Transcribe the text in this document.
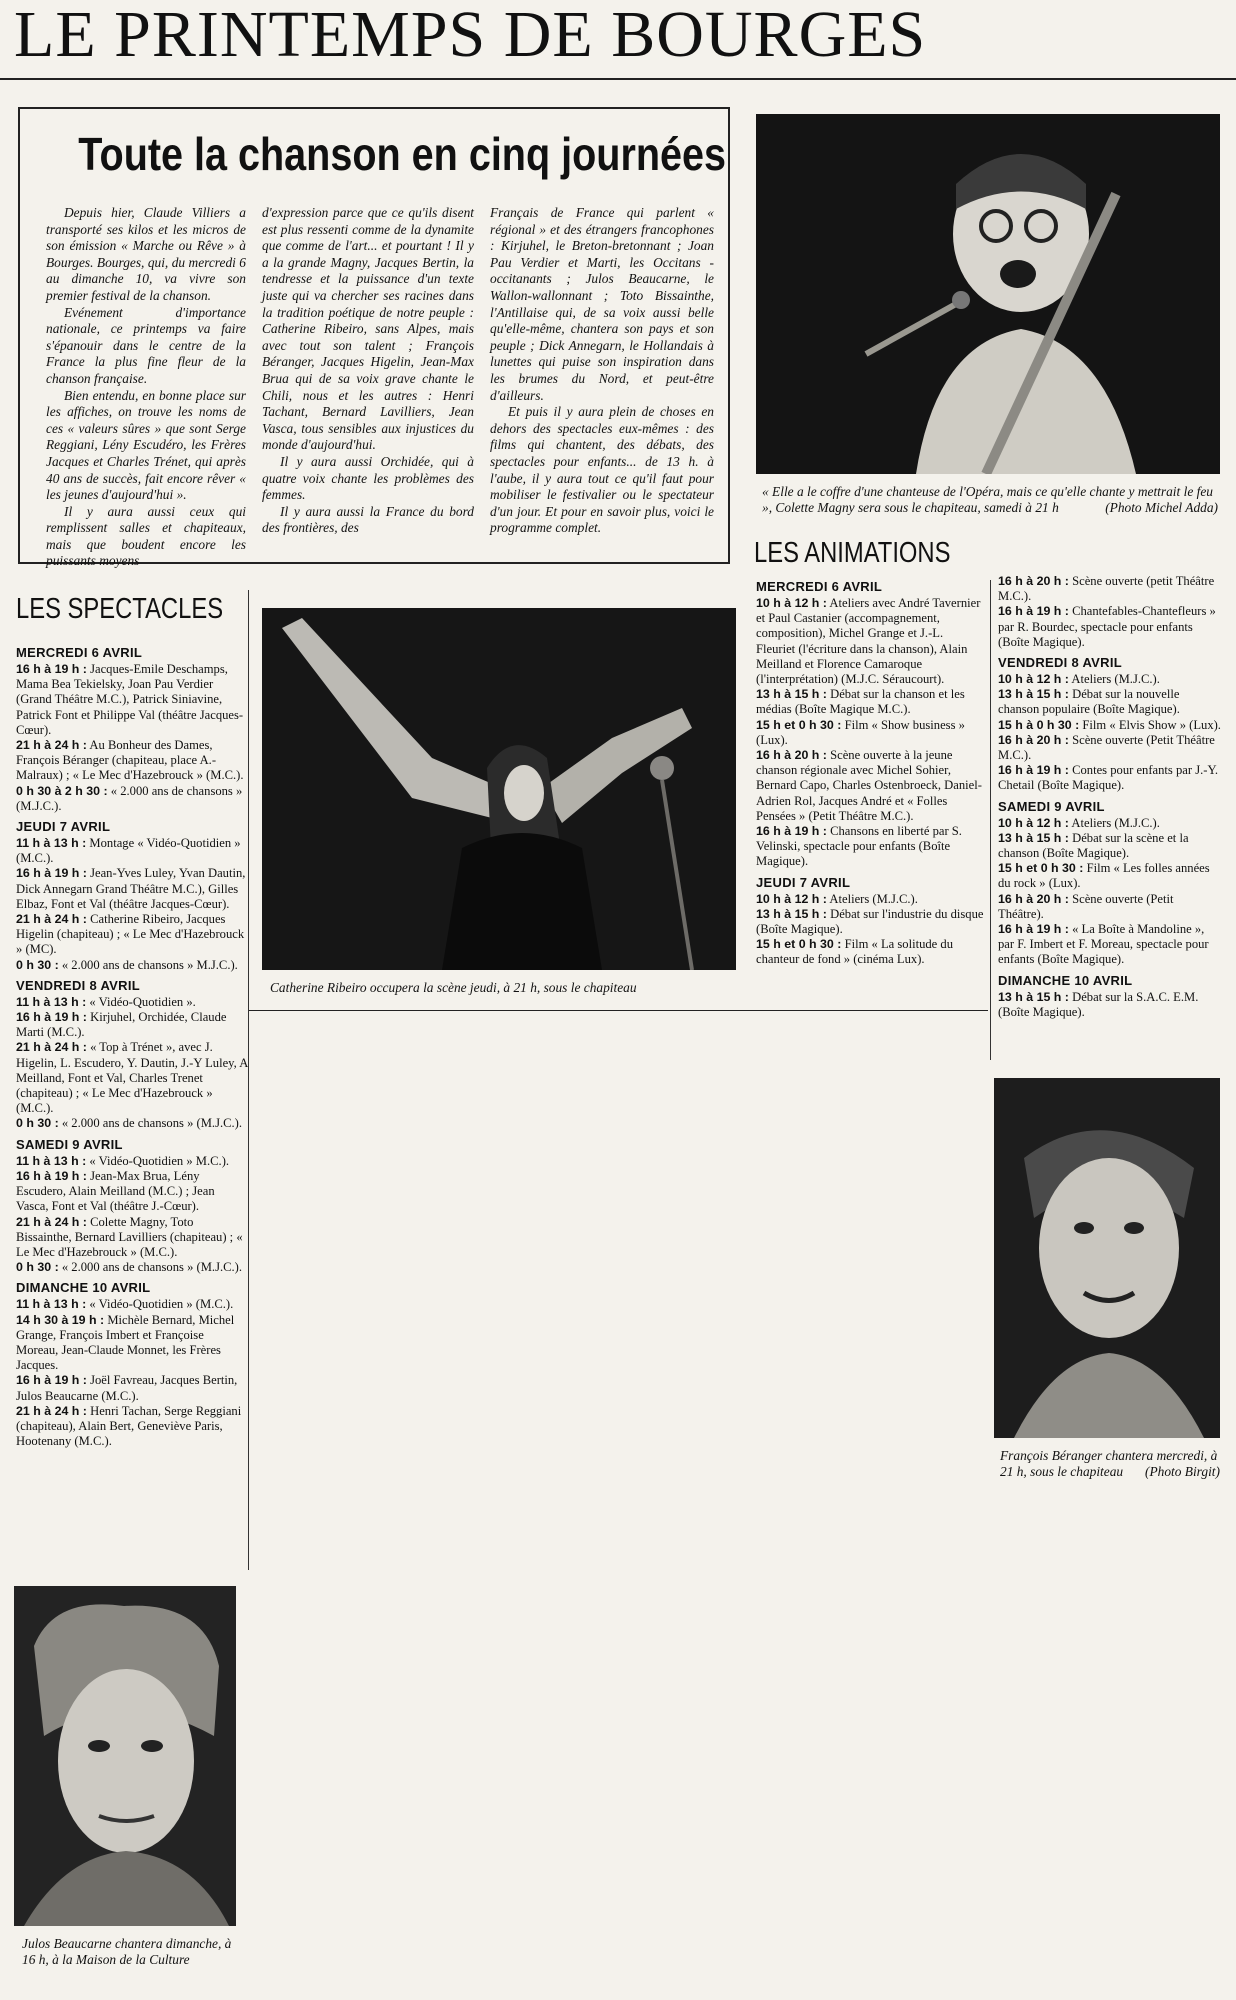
LE PRINTEMPS DE BOURGES
Toute la chanson en cinq journées

Depuis hier, Claude Villiers a transporté ses kilos et les micros de son émission « Marche ou Rêve » à Bourges. Bourges, qui, du mercredi 6 au dimanche 10, va vivre son premier festival de la chanson.

Evénement d'importance nationale, ce printemps va faire s'épanouir dans le centre de la France la plus fine fleur de la chanson française.

Bien entendu, en bonne place sur les affiches, on trouve les noms de ces « valeurs sûres » que sont Serge Reggiani, Lény Escudéro, les Frères Jacques et Charles Trénet, qui après 40 ans de succès, fait encore rêver « les jeunes d'aujourd'hui ».

Il y aura aussi ceux qui remplissent salles et chapiteaux, mais que boudent encore les puissants moyens

d'expression parce que ce qu'ils disent est plus ressenti comme de la dynamite que comme de l'art... et pourtant ! Il y a la grande Magny, Jacques Bertin, la tendresse et la puissance d'un texte juste qui va chercher ses racines dans la tradition poétique de notre peuple : Catherine Ribeiro, sans Alpes, mais avec tout son talent ; François Béranger, Jacques Higelin, Jean-Max Brua qui de sa voix grave chante le Chili, nous et les autres : Henri Tachant, Bernard Lavilliers, Jean Vasca, tous sensibles aux injustices du monde d'aujourd'hui.

Il y aura aussi Orchidée, qui à quatre voix chante les problèmes des femmes.

Il y aura aussi la France du bord des frontières, des

Français de France qui parlent « régional » et des étrangers francophones : Kirjuhel, le Breton-bretonnant ; Joan Pau Verdier et Marti, les Occitans - occitanants ; Julos Beaucarne, le Wallon-wallonnant ; Toto Bissainthe, l'Antillaise qui, de sa voix aussi belle qu'elle-même, chantera son pays et son peuple ; Dick Annegarn, le Hollandais à lunettes qui puise son inspiration dans les brumes du Nord, et peut-être d'ailleurs.

Et puis il y aura plein de choses en dehors des spectacles eux-mêmes : des films qui chantent, des débats, des spectacles pour enfants... de 13 h. à l'aube, il y aura tout ce qu'il faut pour mobiliser le festivalier ou le spectateur d'un jour. Et pour en savoir plus, voici le programme complet.

« Elle a le coffre d'une chanteuse de l'Opéra, mais ce qu'elle chante y mettrait le feu », Colette Magny sera sous le chapiteau, samedi à 21 h	(Photo Michel Adda)
LES ANIMATIONS
LES SPECTACLES
Catherine Ribeiro occupera la scène jeudi, à 21 h, sous le chapiteau
MERCREDI 6 AVRIL

16 h à 19 h : Jacques-Emile Deschamps, Mama Bea Tekielsky, Joan Pau Verdier (Grand Théâtre M.C.), Patrick Siniavine, Patrick Font et Philippe Val (théâtre Jacques-Cœur).

21 h à 24 h : Au Bonheur des Dames, François Béranger (chapiteau, place A.-Malraux) ; « Le Mec d'Hazebrouck » (M.C.).

0 h 30 à 2 h 30 : « 2.000 ans de chansons » (M.J.C.).

JEUDI 7 AVRIL

11 h à 13 h : Montage « Vidéo-Quotidien » (M.C.).

16 h à 19 h : Jean-Yves Luley, Yvan Dautin, Dick Annegarn Grand Théâtre M.C.), Gilles Elbaz, Font et Val (théâtre Jacques-Cœur).

21 h à 24 h : Catherine Ribeiro, Jacques Higelin (chapiteau) ; « Le Mec d'Hazebrouck » (MC).

0 h 30 : « 2.000 ans de chansons » M.J.C.).

VENDREDI 8 AVRIL

11 h à 13 h : « Vidéo-Quotidien ».

16 h à 19 h : Kirjuhel, Orchidée, Claude Marti (M.C.).

21 h à 24 h : « Top à Trénet », avec J. Higelin, L. Escudero, Y. Dautin, J.-Y Luley, A Meilland, Font et Val, Charles Trenet (chapiteau) ; « Le Mec d'Hazebrouck » (M.C.).

0 h 30 : « 2.000 ans de chansons » (M.J.C.).

SAMEDI 9 AVRIL

11 h à 13 h : « Vidéo-Quotidien » M.C.).

16 h à 19 h : Jean-Max Brua, Lény Escudero, Alain Meilland (M.C.) ; Jean Vasca, Font et Val (théâtre J.-Cœur).

21 h à 24 h : Colette Magny, Toto Bissainthe, Bernard Lavilliers (chapiteau) ; « Le Mec d'Hazebrouck » (M.C.).

0 h 30 : « 2.000 ans de chansons » (M.J.C.).

DIMANCHE 10 AVRIL

11 h à 13 h : « Vidéo-Quotidien » (M.C.).

14 h 30 à 19 h : Michèle Bernard, Michel Grange, François Imbert et Françoise Moreau, Jean-Claude Monnet, les Frères Jacques.

16 h à 19 h : Joël Favreau, Jacques Bertin, Julos Beaucarne (M.C.).

21 h à 24 h : Henri Tachan, Serge Reggiani (chapiteau), Alain Bert, Geneviève Paris, Hootenany (M.C.).

MERCREDI 6 AVRIL

10 h à 12 h : Ateliers avec André Tavernier et Paul Castanier (accompagnement, composition), Michel Grange et J.-L. Fleuriet (l'écriture dans la chanson), Alain Meilland et Florence Camaroque (l'interprétation) (M.J.C. Séraucourt).

13 h à 15 h : Débat sur la chanson et les médias (Boîte Magique M.C.).

15 h et 0 h 30 : Film « Show business » (Lux).

16 h à 20 h : Scène ouverte à la jeune chanson régionale avec Michel Sohier, Bernard Capo, Charles Ostenbroeck, Daniel-Adrien Rol, Jacques André et « Folles Pensées » (Petit Théâtre M.C.).

16 h à 19 h : Chansons en liberté par S. Velinski, spectacle pour enfants (Boîte Magique).

JEUDI 7 AVRIL

10 h à 12 h : Ateliers (M.J.C.).

13 h à 15 h : Débat sur l'industrie du disque (Boîte Magique).

15 h et 0 h 30 : Film « La solitude du chanteur de fond » (cinéma Lux).

16 h à 20 h : Scène ouverte (petit Théâtre M.C.).

16 h à 19 h : Chantefables-Chantefleurs » par R. Bourdec, spectacle pour enfants (Boîte Magique).

VENDREDI 8 AVRIL

10 h à 12 h : Ateliers (M.J.C.).

13 h à 15 h : Débat sur la nouvelle chanson populaire (Boîte Magique).

15 h à 0 h 30 : Film « Elvis Show » (Lux).

16 h à 20 h : Scène ouverte (Petit Théâtre M.C.).

16 h à 19 h : Contes pour enfants par J.-Y. Chetail (Boîte Magique).

SAMEDI 9 AVRIL

10 h à 12 h : Ateliers (M.J.C.).

13 h à 15 h : Débat sur la scène et la chanson (Boîte Magique).

15 h et 0 h 30 : Film « Les folles années du rock » (Lux).

16 h à 20 h : Scène ouverte (Petit Théâtre).

16 h à 19 h : « La Boîte à Mandoline », par F. Imbert et F. Moreau, spectacle pour enfants (Boîte Magique).

DIMANCHE 10 AVRIL

13 h à 15 h : Débat sur la S.A.C. E.M. (Boîte Magique).

François Béranger chantera mercredi, à 21 h, sous le chapiteau (Photo Birgit)
Julos Beaucarne chantera dimanche, à 16 h, à la Maison de la Culture
